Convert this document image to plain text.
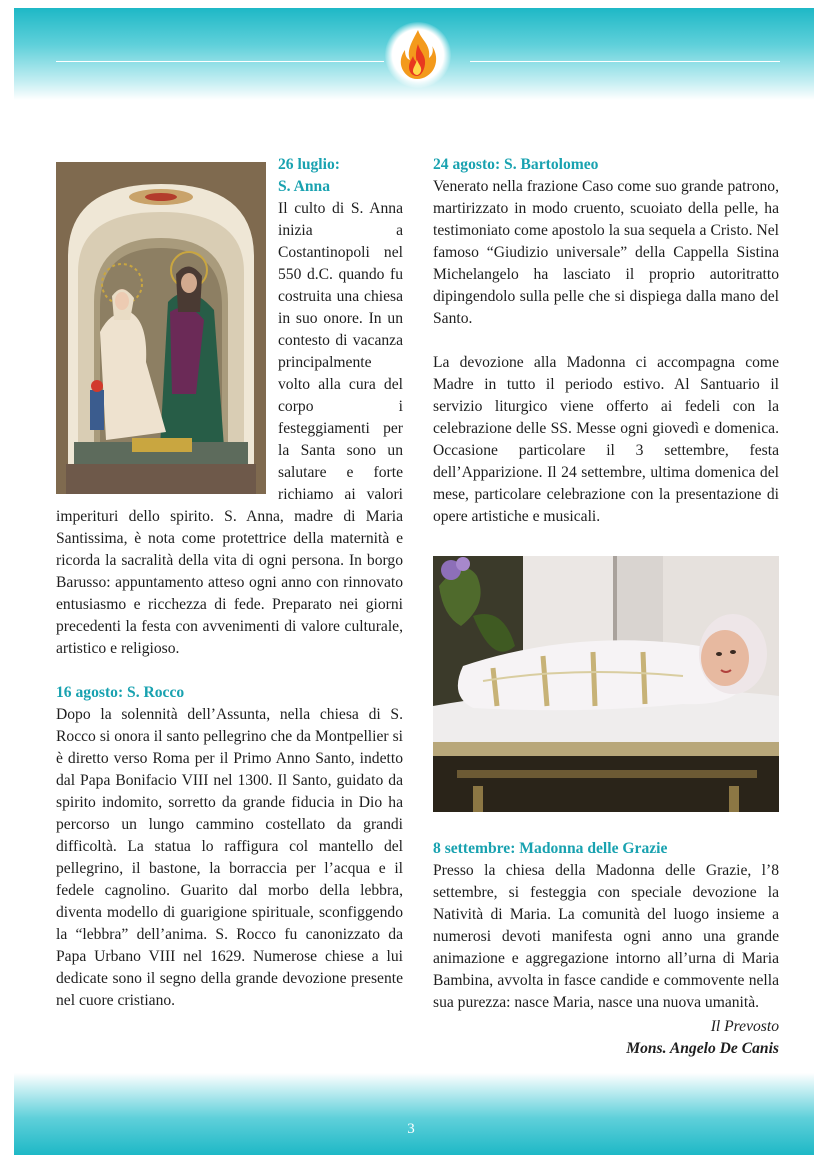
26 luglio:
S. Anna
Il culto di S. Anna inizia a Costantinopoli nel 550 d.C. quando fu costruita una chiesa in suo onore. In un contesto di vacanza principalmente volto alla cura del corpo i festeggiamenti per la Santa sono un salutare e forte richiamo ai valori imperituri dello spirito. S. Anna, madre di Maria Santissima, è nota come protettrice della maternità e ricorda la sacralità della vita di ogni persona. In borgo Barusso: appuntamento atteso ogni anno con rinnovato entusiasmo e ricchezza di fede. Preparato nei giorni precedenti la festa con avvenimenti di valore culturale, artistico e religioso.

16 agosto: S. Rocco
Dopo la solennità dell’Assunta, nella chiesa di S. Rocco si onora il santo pellegrino che da Montpellier si è diretto verso Roma per il Primo Anno Santo, indetto dal Papa Bonifacio VIII nel 1300. Il Santo, guidato da spirito indomito, sorretto da grande fiducia in Dio ha percorso un lungo cammino costellato da grandi difficoltà. La statua lo raffigura col mantello del pellegrino, il bastone, la borraccia per l’acqua e il fedele cagnolino. Guarito dal morbo della lebbra, diventa modello di guarigione spirituale, sconfiggendo la “lebbra” dell’anima. S. Rocco fu canonizzato da Papa Urbano VIII nel 1629. Numerose chiese a lui dedicate sono il segno della grande devozione presente nel cuore cristiano.

24 agosto: S. Bartolomeo
Venerato nella frazione Caso come suo grande patrono, martirizzato in modo cruento, scuoiato della pelle, ha testimoniato come apostolo la sua sequela a Cristo. Nel famoso “Giudizio universale” della Cappella Sistina Michelangelo ha lasciato il proprio autoritratto dipingendolo sulla pelle che si dispiega dalla mano del Santo.

La devozione alla Madonna ci accompagna come Madre in tutto il periodo estivo. Al Santuario il servizio liturgico viene offerto ai fedeli con la celebrazione delle SS. Messe ogni giovedì e domenica. Occasione particolare il 3 settembre, festa dell’Apparizione. Il 24 settembre, ultima domenica del mese, particolare celebrazione con la presentazione di opere artistiche e musicali.

8 settembre: Madonna delle Grazie
Presso la chiesa della Madonna delle Grazie, l’8 settembre, si festeggia con speciale devozione la Natività di Maria. La comunità del luogo insieme a numerosi devoti manifesta ogni anno una grande animazione e aggregazione intorno all’urna di Maria Bambina, avvolta in fasce candide e commovente nella sua purezza: nasce Maria, nasce una nuova umanità.

Il Prevosto
Mons. Angelo De Canis

3
